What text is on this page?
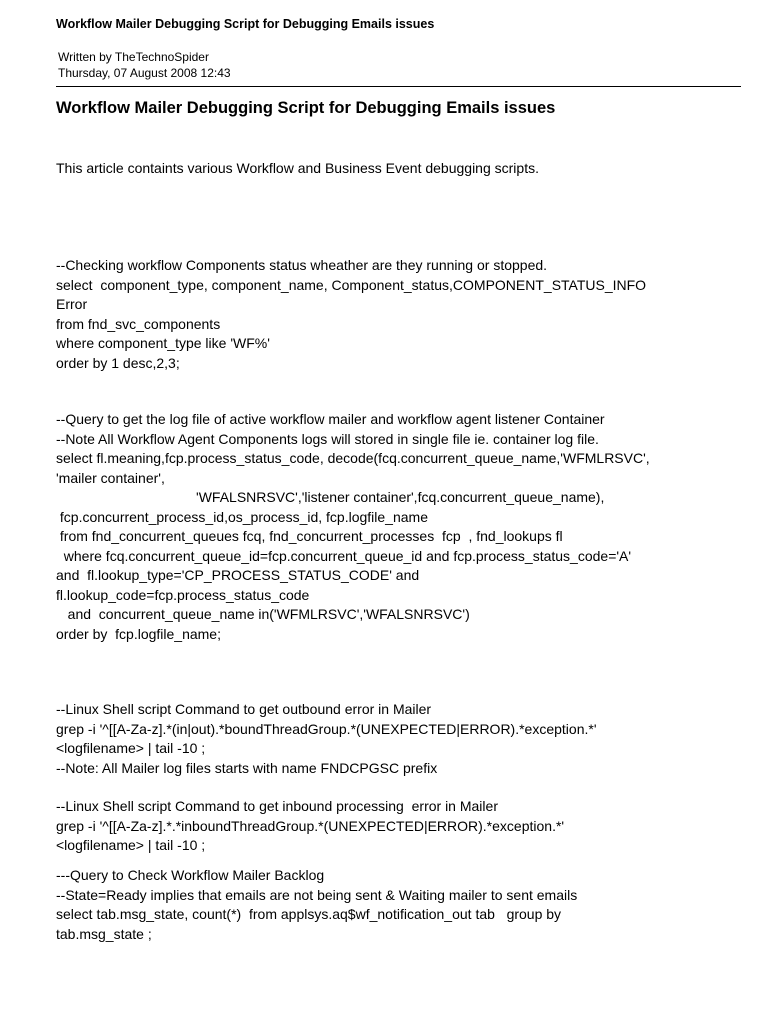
Workflow Mailer Debugging Script for Debugging Emails issues
Written by TheTechnoSpider
Thursday, 07 August 2008 12:43
Workflow Mailer Debugging Script for Debugging Emails issues
This article containts various Workflow and Business Event debugging scripts.
--Checking workflow Components status wheather are they running or stopped.
select  component_type, component_name, Component_status,COMPONENT_STATUS_INFO
Error
from fnd_svc_components
where component_type like 'WF%'
order by 1 desc,2,3;
--Query to get the log file of active workflow mailer and workflow agent listener Container
--Note All Workflow Agent Components logs will stored in single file ie. container log file.
select fl.meaning,fcp.process_status_code, decode(fcq.concurrent_queue_name,'WFMLRSVC',
'mailer container',
'WFALSNRSVC','listener container',fcq.concurrent_queue_name),
fcp.concurrent_process_id,os_process_id, fcp.logfile_name
from fnd_concurrent_queues fcq, fnd_concurrent_processes  fcp  , fnd_lookups fl
where fcq.concurrent_queue_id=fcp.concurrent_queue_id and fcp.process_status_code='A'
and  fl.lookup_type='CP_PROCESS_STATUS_CODE' and
fl.lookup_code=fcp.process_status_code
and  concurrent_queue_name in('WFMLRSVC','WFALSNRSVC')
order by  fcp.logfile_name;
--Linux Shell script Command to get outbound error in Mailer
grep -i '^[[A-Za-z].*(in|out).*boundThreadGroup.*(UNEXPECTED|ERROR).*exception.*'
<logfilename> | tail -10 ;
--Note: All Mailer log files starts with name FNDCPGSC prefix
--Linux Shell script Command to get inbound processing  error in Mailer
grep -i '^[[A-Za-z].*.*inboundThreadGroup.*(UNEXPECTED|ERROR).*exception.*'
<logfilename> | tail -10 ;
---Query to Check Workflow Mailer Backlog
--State=Ready implies that emails are not being sent & Waiting mailer to sent emails
select tab.msg_state, count(*)  from applsys.aq$wf_notification_out tab   group by
tab.msg_state ;
